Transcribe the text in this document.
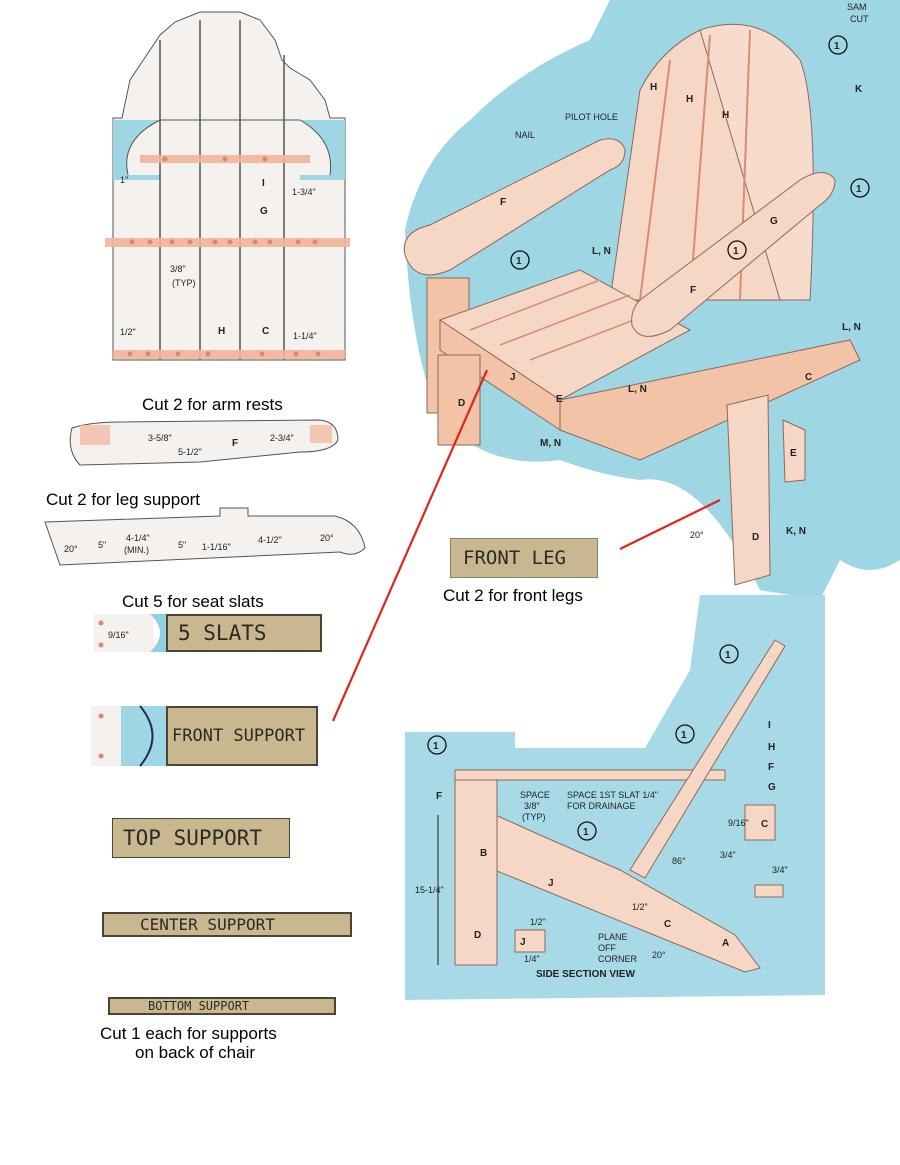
1"
1-3/4"
3/8"
(TYP)
1/2"	1-1/4"
I
G
H	C
3-5/8"
5-1/2"
2-3/4"
F
20° 5"
4-1/4"
(MIN.)	5" 1-1/16"
4-1/2"	20°
9/16"
1
1
1
1
PILOT HOLE
NAIL
SAM
CUT
H
H
H
F
G
F
L, N
J
E
D
D
E
C
K
L, N
M, N
L, N
K, N
20°
1
1
1
1
SIDE SECTION VIEW
SPACE
3/8"
(TYP)
SPACE 1ST SLAT 1/4"
FOR DRAINAGE
PLANE
OFF
CORNER
15-1/4"
1/2"
1/4"
1/2"
9/16"
3/4"
3/4"
20°
86°
I
H
F
G
F
B
J
C
A
D
J
C
Cut 2 for arm rests
Cut 2 for leg support
Cut 5 for seat slats	Cut 2 for front legs
Cut 1 each for supports
on back of chair
5 SLATS
FRONT SUPPORT
TOP SUPPORT
CENTER SUPPORT
BOTTOM SUPPORT
FRONT LEG
